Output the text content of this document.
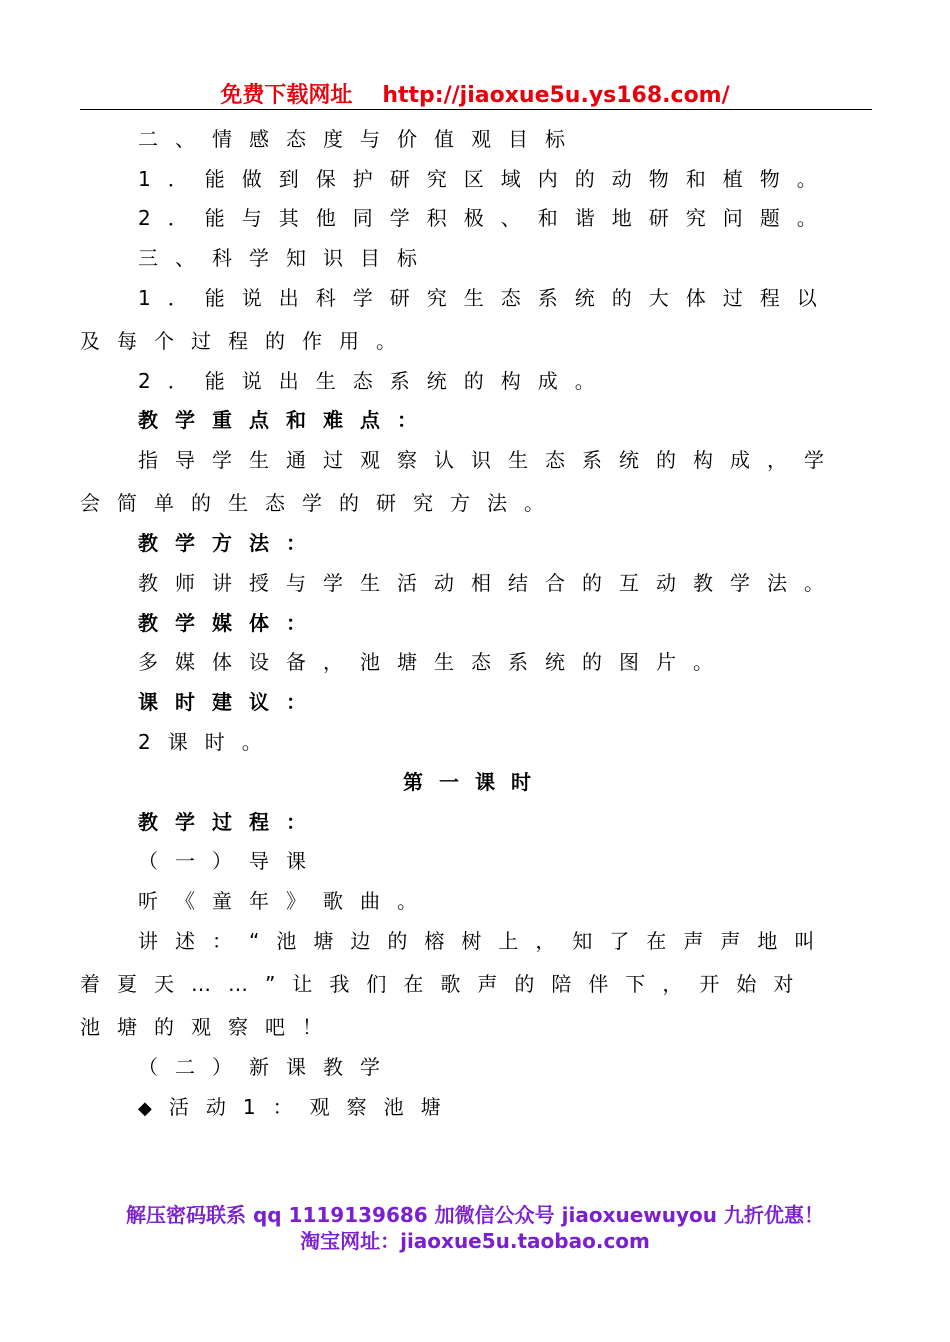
免费下载网址 http://jiaoxue5u.ys168.com/
二、情感态度与价值观目标
1．能做到保护研究区域内的动物和植物。
2．能与其他同学积极、和谐地研究问题。
三、科学知识目标
1．能说出科学研究生态系统的大体过程以
及每个过程的作用。
2．能说出生态系统的构成。
教学重点和难点：
指导学生通过观察认识生态系统的构成，学
会简单的生态学的研究方法。
教学方法：
教师讲授与学生活动相结合的互动教学法。
教学媒体：
多媒体设备，池塘生态系统的图片。
课时建议：
2课时。
第一课时
教学过程：
（一）导课
听《童年》歌曲。
讲述：“池塘边的榕树上，知了在声声地叫
着夏天……”让我们在歌声的陪伴下，开始对
池塘的观察吧！
（二）新课教学
◆活动1：观察池塘
解压密码联系 qq 1119139686 加微信公众号 jiaoxuewuyou 九折优惠！
淘宝网址：jiaoxue5u.taobao.com
